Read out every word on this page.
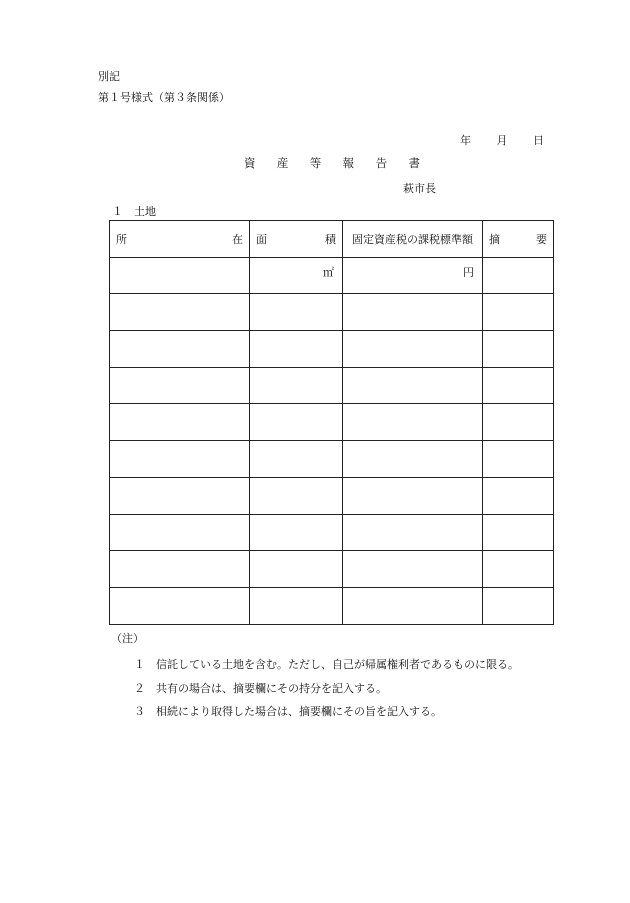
別記
第１号様式（第３条関係）
年 月 日
資 産 等 報 告 書
萩市長
１　土地
所 在	面 積	固定資産税の課税標準額	摘 要

	㎡	円	

（注）
１ 信託している土地を含む。ただし、自己が帰属権利者であるものに限る。
２ 共有の場合は、摘要欄にその持分を記入する。
３ 相続により取得した場合は、摘要欄にその旨を記入する。
